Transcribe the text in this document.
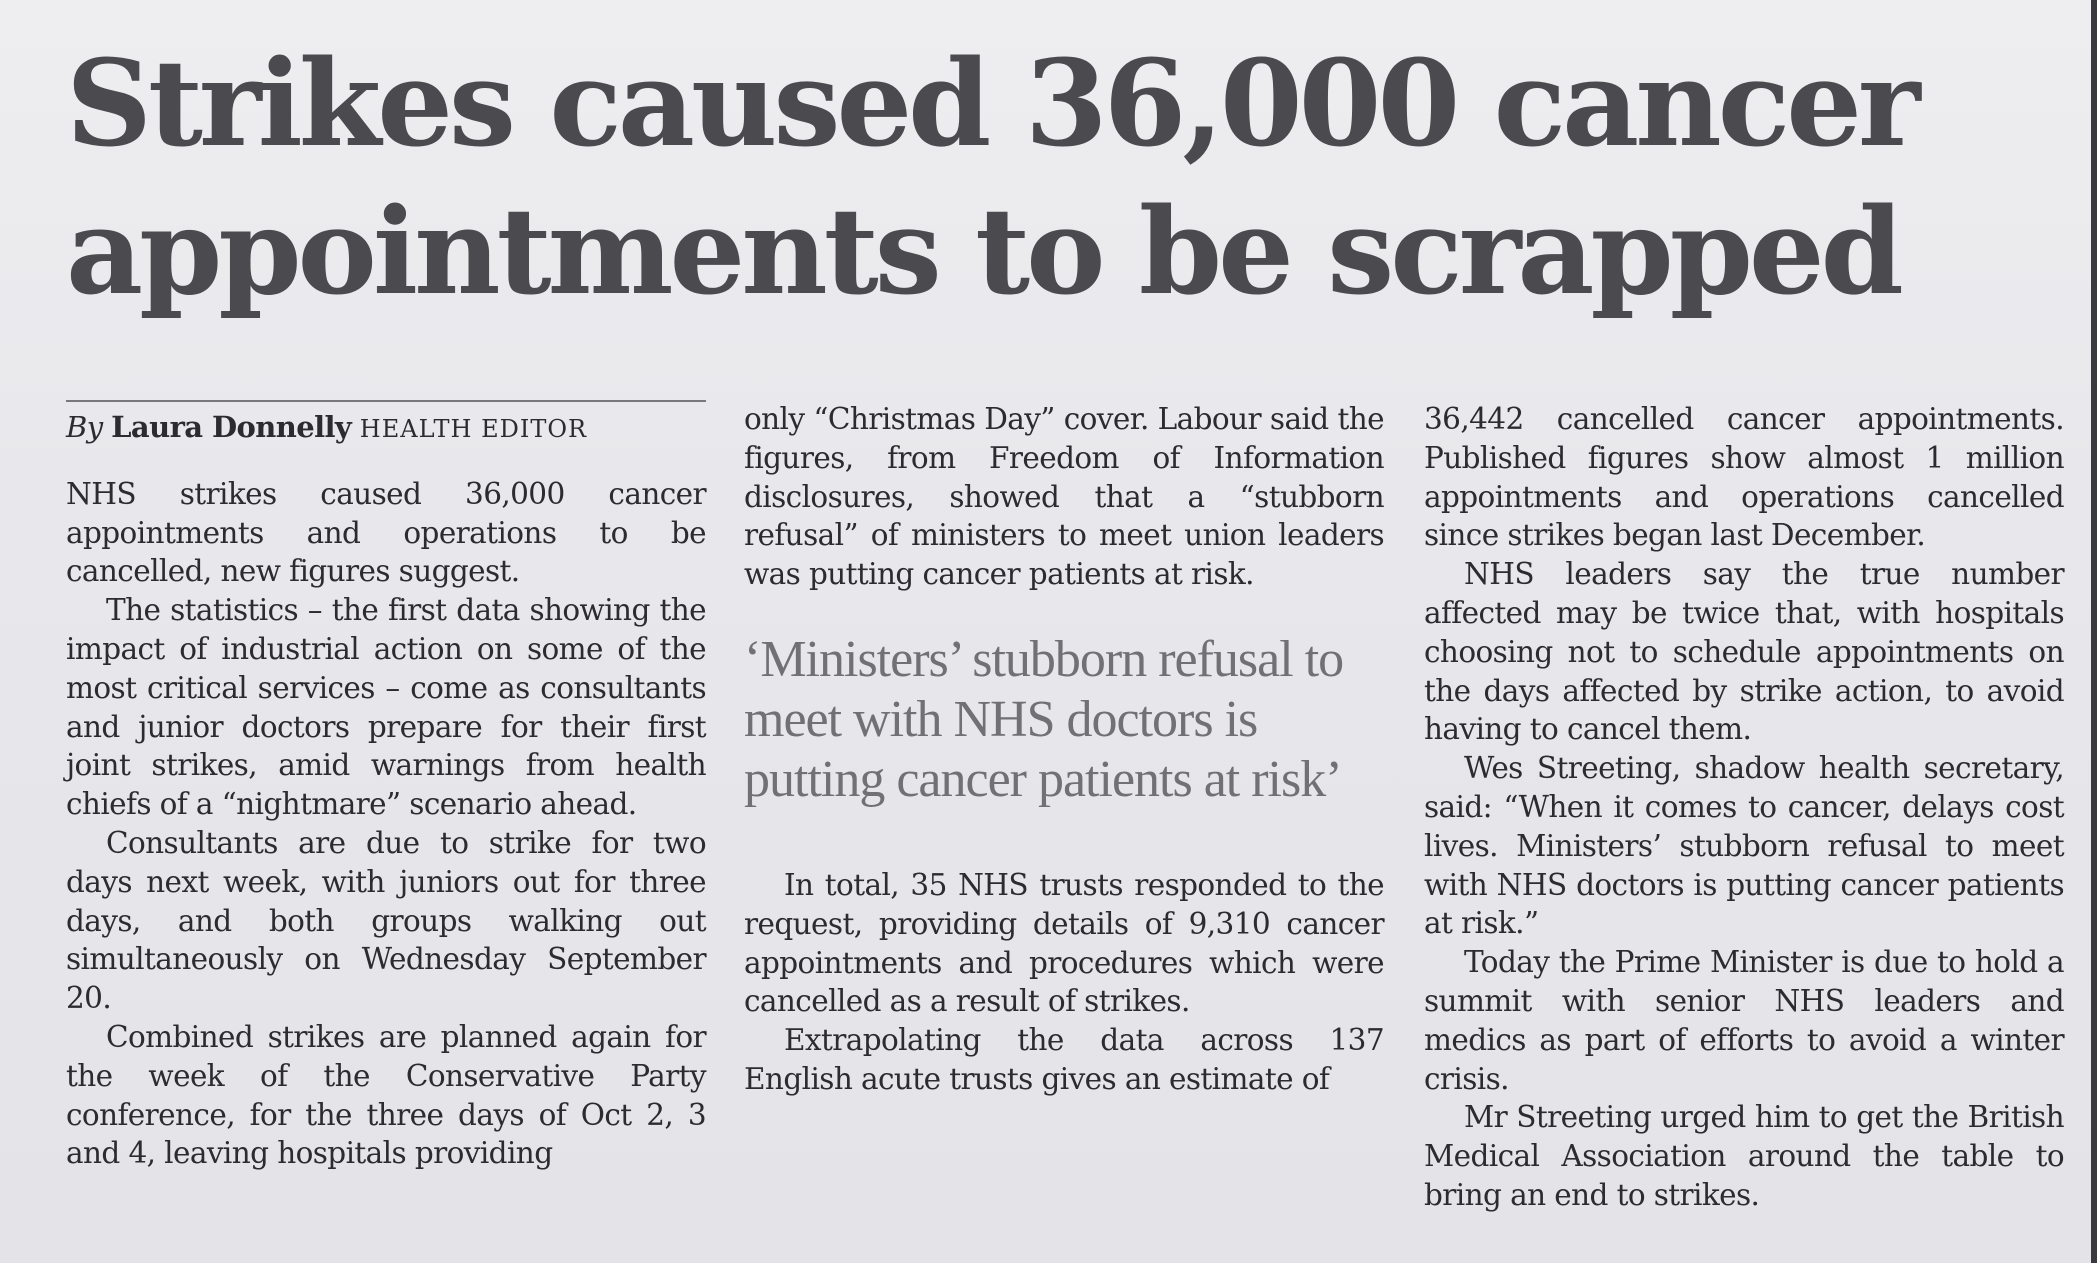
Strikes caused 36,000 cancer appointments to be scrapped

By Laura Donnelly HEALTH EDITOR

NHS strikes caused 36,000 cancer appointments and operations to be cancelled, new figures suggest.

The statistics – the first data showing the impact of industrial action on some of the most critical services – come as consultants and junior doctors prepare for their first joint strikes, amid warnings from health chiefs of a “nightmare” scenario ahead.

Consultants are due to strike for two days next week, with juniors out for three days, and both groups walking out simultaneously on Wednesday September 20.

Combined strikes are planned again for the week of the Conservative Party conference, for the three days of Oct 2, 3 and 4, leaving hospitals providing

only “Christmas Day” cover. Labour said the figures, from Freedom of Information disclosures, showed that a “stubborn refusal” of ministers to meet union leaders was putting cancer patients at risk.

‘Ministers’ stubborn refusal to meet with NHS doctors is putting cancer patients at risk’

In total, 35 NHS trusts responded to the request, providing details of 9,310 cancer appointments and procedures which were cancelled as a result of strikes.

Extrapolating the data across 137 English acute trusts gives an estimate of

36,442 cancelled cancer appointments. Published figures show almost 1 million appointments and operations cancelled since strikes began last December.

NHS leaders say the true number affected may be twice that, with hospitals choosing not to schedule appointments on the days affected by strike action, to avoid having to cancel them.

Wes Streeting, shadow health secretary, said: “When it comes to cancer, delays cost lives. Ministers’ stubborn refusal to meet with NHS doctors is putting cancer patients at risk.”

Today the Prime Minister is due to hold a summit with senior NHS leaders and medics as part of efforts to avoid a winter crisis.

Mr Streeting urged him to get the British Medical Association around the table to bring an end to strikes.
